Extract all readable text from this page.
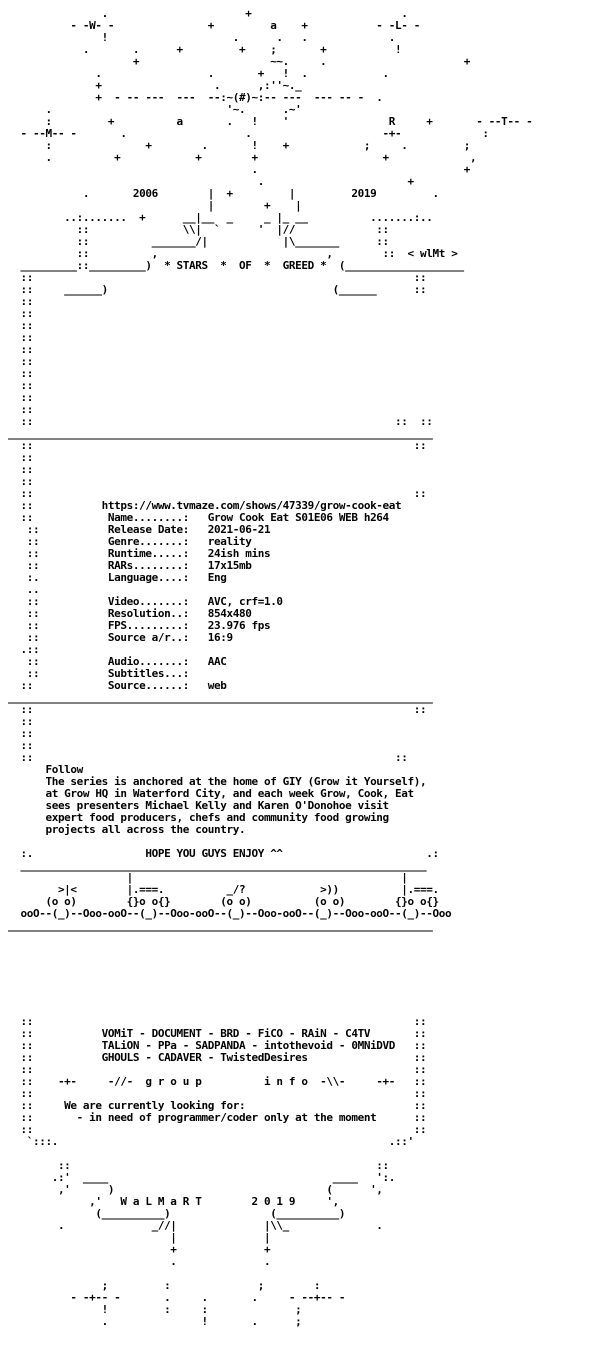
.                      +                        .
- -W- -               +         a    +           - -L- -
!                    .      .   .             .
.       .      +         +    ;       +           !
+                     ~~.     .                      +
.                 .       +   !  .            .
+                  .      ,:''~._
+  - -- ---  ---  --:~(#)~:-- ---  --- -- -  .
.                            '~.      .~'
:         +          a       .   !    '                R     +       - --T-- -
- --M-- -       .                   .                     -+-             :
:               +        .       !    +            ;     .         ;
.          +            +        +                    +             ,
.                                 +
.                       +
.       2006        |  +         |         2019         .
|        +    |
..:.......  +      __|__  _     _ |_ __          .......:..
::               \\|  `      '  |//             ::
::          _______/|            |\_______      ::
::          ,                           ,        ::  < wlMt >
_________::_________)  * STARS  *  OF  *  GREED *  (___________________
::                                                             ::
::     ______)                                    (______      ::
::
::
::
::
::
::
::
::
::
::
::                                                          ::  ::
____________________________________________________________________
::                                                             ::
::
::
::
::                                                             ::
::           https://www.tvmaze.com/shows/47339/grow-cook-eat
::            Name........:   Grow Cook Eat S01E06 WEB h264
::           Release Date:   2021-06-21
::           Genre.......:   reality
::           Runtime.....:   24ish mins
::           RARs........:   17x15mb
:.           Language....:   Eng
..
::           Video.......:   AVC, crf=1.0
::           Resolution..:   854x480
::           FPS.........:   23.976 fps
::           Source a/r..:   16:9
.::
::           Audio.......:   AAC
::           Subtitles...:
::            Source......:   web
____________________________________________________________________
::                                                             ::
::
::
::
::                                                          ::
Follow
The series is anchored at the home of GIY (Grow it Yourself),
at Grow HQ in Waterford City, and each week Grow, Cook, Eat
sees presenters Michael Kelly and Karen O'Donohoe visit
expert food producers, chefs and community food growing
projects all across the country.
:.                  HOPE YOU GUYS ENJOY ^^                       .:
_________________________________________________________________
|                                           |
>|<        |.===.          _/?            >))          |.===.
(o o)        {}o o{}        (o o)          (o o)        {}o o{}
ooO--(_)--Ooo-ooO--(_)--Ooo-ooO--(_)--Ooo-ooO--(_)--Ooo-ooO--(_)--Ooo
____________________________________________________________________
::                                                             ::
::           VOMiT - DOCUMENT - BRD - FiCO - RAiN - C4TV       ::
::           TALiON - PPa - SADPANDA - intothevoid - 0MNiDVD   ::
::           GHOULS - CADAVER - TwistedDesires                 ::
::                                                             ::
::    -+-     -//-  g r o u p          i n f o  -\\-     -+-   ::
::                                                             ::
::     We are currently looking for:                           ::
::       - in need of programmer/coder only at the moment      ::
::                                                             ::
`:::.                                                     .::'
::                                                 ::
.:'  ____                                    ____   ':.
,'      )                                  (      ',
,'   W a L M a R T        2 0 1 9     ',
(__________)                (__________)
.              _//|              |\\_              .
|              |
+              +
.              .
;         :              ;        :
- -+-- -       .     .       .     - --+-- -
!         :     :              ;
.               !       .      ;
